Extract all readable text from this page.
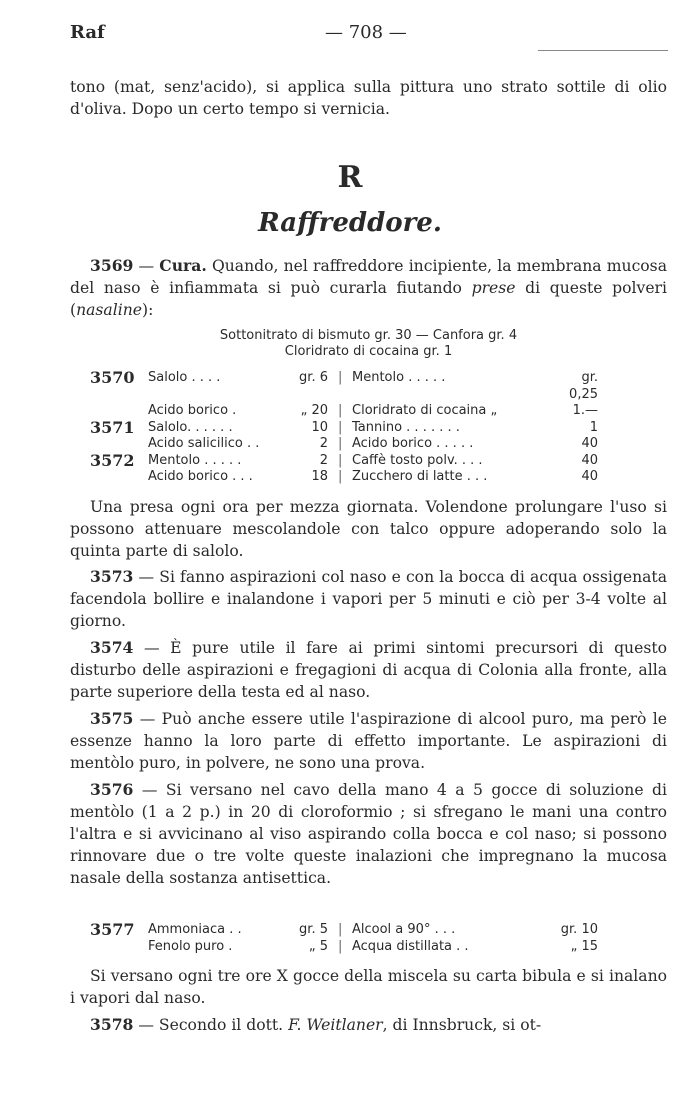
Raf	— 708 —

tono (mat, senz'acido), si applica sulla pittura uno strato sottile di olio d'oliva. Dopo un certo tempo si vernicia.

R
Raffreddore.

3569 — Cura. Quando, nel raffreddore incipiente, la membrana mucosa del naso è infiammata si può curarla fiutando prese di queste polveri (nasaline):

Sottonitrato di bismuto gr. 30 — Canfora gr. 4

Cloridrato di cocaina gr. 1

3570	Salolo . . . .	gr. 6	|	Mentolo . . . . .	gr. 0,25
	Acido borico .	„ 20	|	Cloridrato di cocaina „	1.—
3571	Salolo. . . . . .	10	|	Tannino . . . . . . .	1
	Acido salicilico . .	2	|	Acido borico . . . . .	40
3572	Mentolo . . . . .	2	|	Caffè tosto polv. . . .	40
	Acido borico . . .	18	|	Zucchero di latte . . .	40

Una presa ogni ora per mezza giornata. Volendone prolungare l'uso si possono attenuare mescolandole con talco oppure adoperando solo la quinta parte di salolo.

3573 — Si fanno aspirazioni col naso e con la bocca di acqua ossigenata facendola bollire e inalandone i vapori per 5 minuti e ciò per 3-4 volte al giorno.

3574 — È pure utile il fare ai primi sintomi precursori di questo disturbo delle aspirazioni e fregagioni di acqua di Colonia alla fronte, alla parte superiore della testa ed al naso.

3575 — Può anche essere utile l'aspirazione di alcool puro, ma però le essenze hanno la loro parte di effetto importante. Le aspirazioni di mentòlo puro, in polvere, ne sono una prova.

3576 — Si versano nel cavo della mano 4 a 5 gocce di soluzione di mentòlo (1 a 2 p.) in 20 di cloroformio ; si sfregano le mani una contro l'altra e si avvicinano al viso aspirando colla bocca e col naso; si possono rinnovare due o tre volte queste inalazioni che impregnano la mucosa nasale della sostanza antisettica.

3577	Ammoniaca . .	gr. 5	|	Alcool a 90° . . .	gr. 10
	Fenolo puro .	„ 5	|	Acqua distillata . .	„ 15

Si versano ogni tre ore X gocce della miscela su carta bibula e si inalano i vapori dal naso.

3578 — Secondo il dott. F. Weitlaner, di Innsbruck, si ot-
